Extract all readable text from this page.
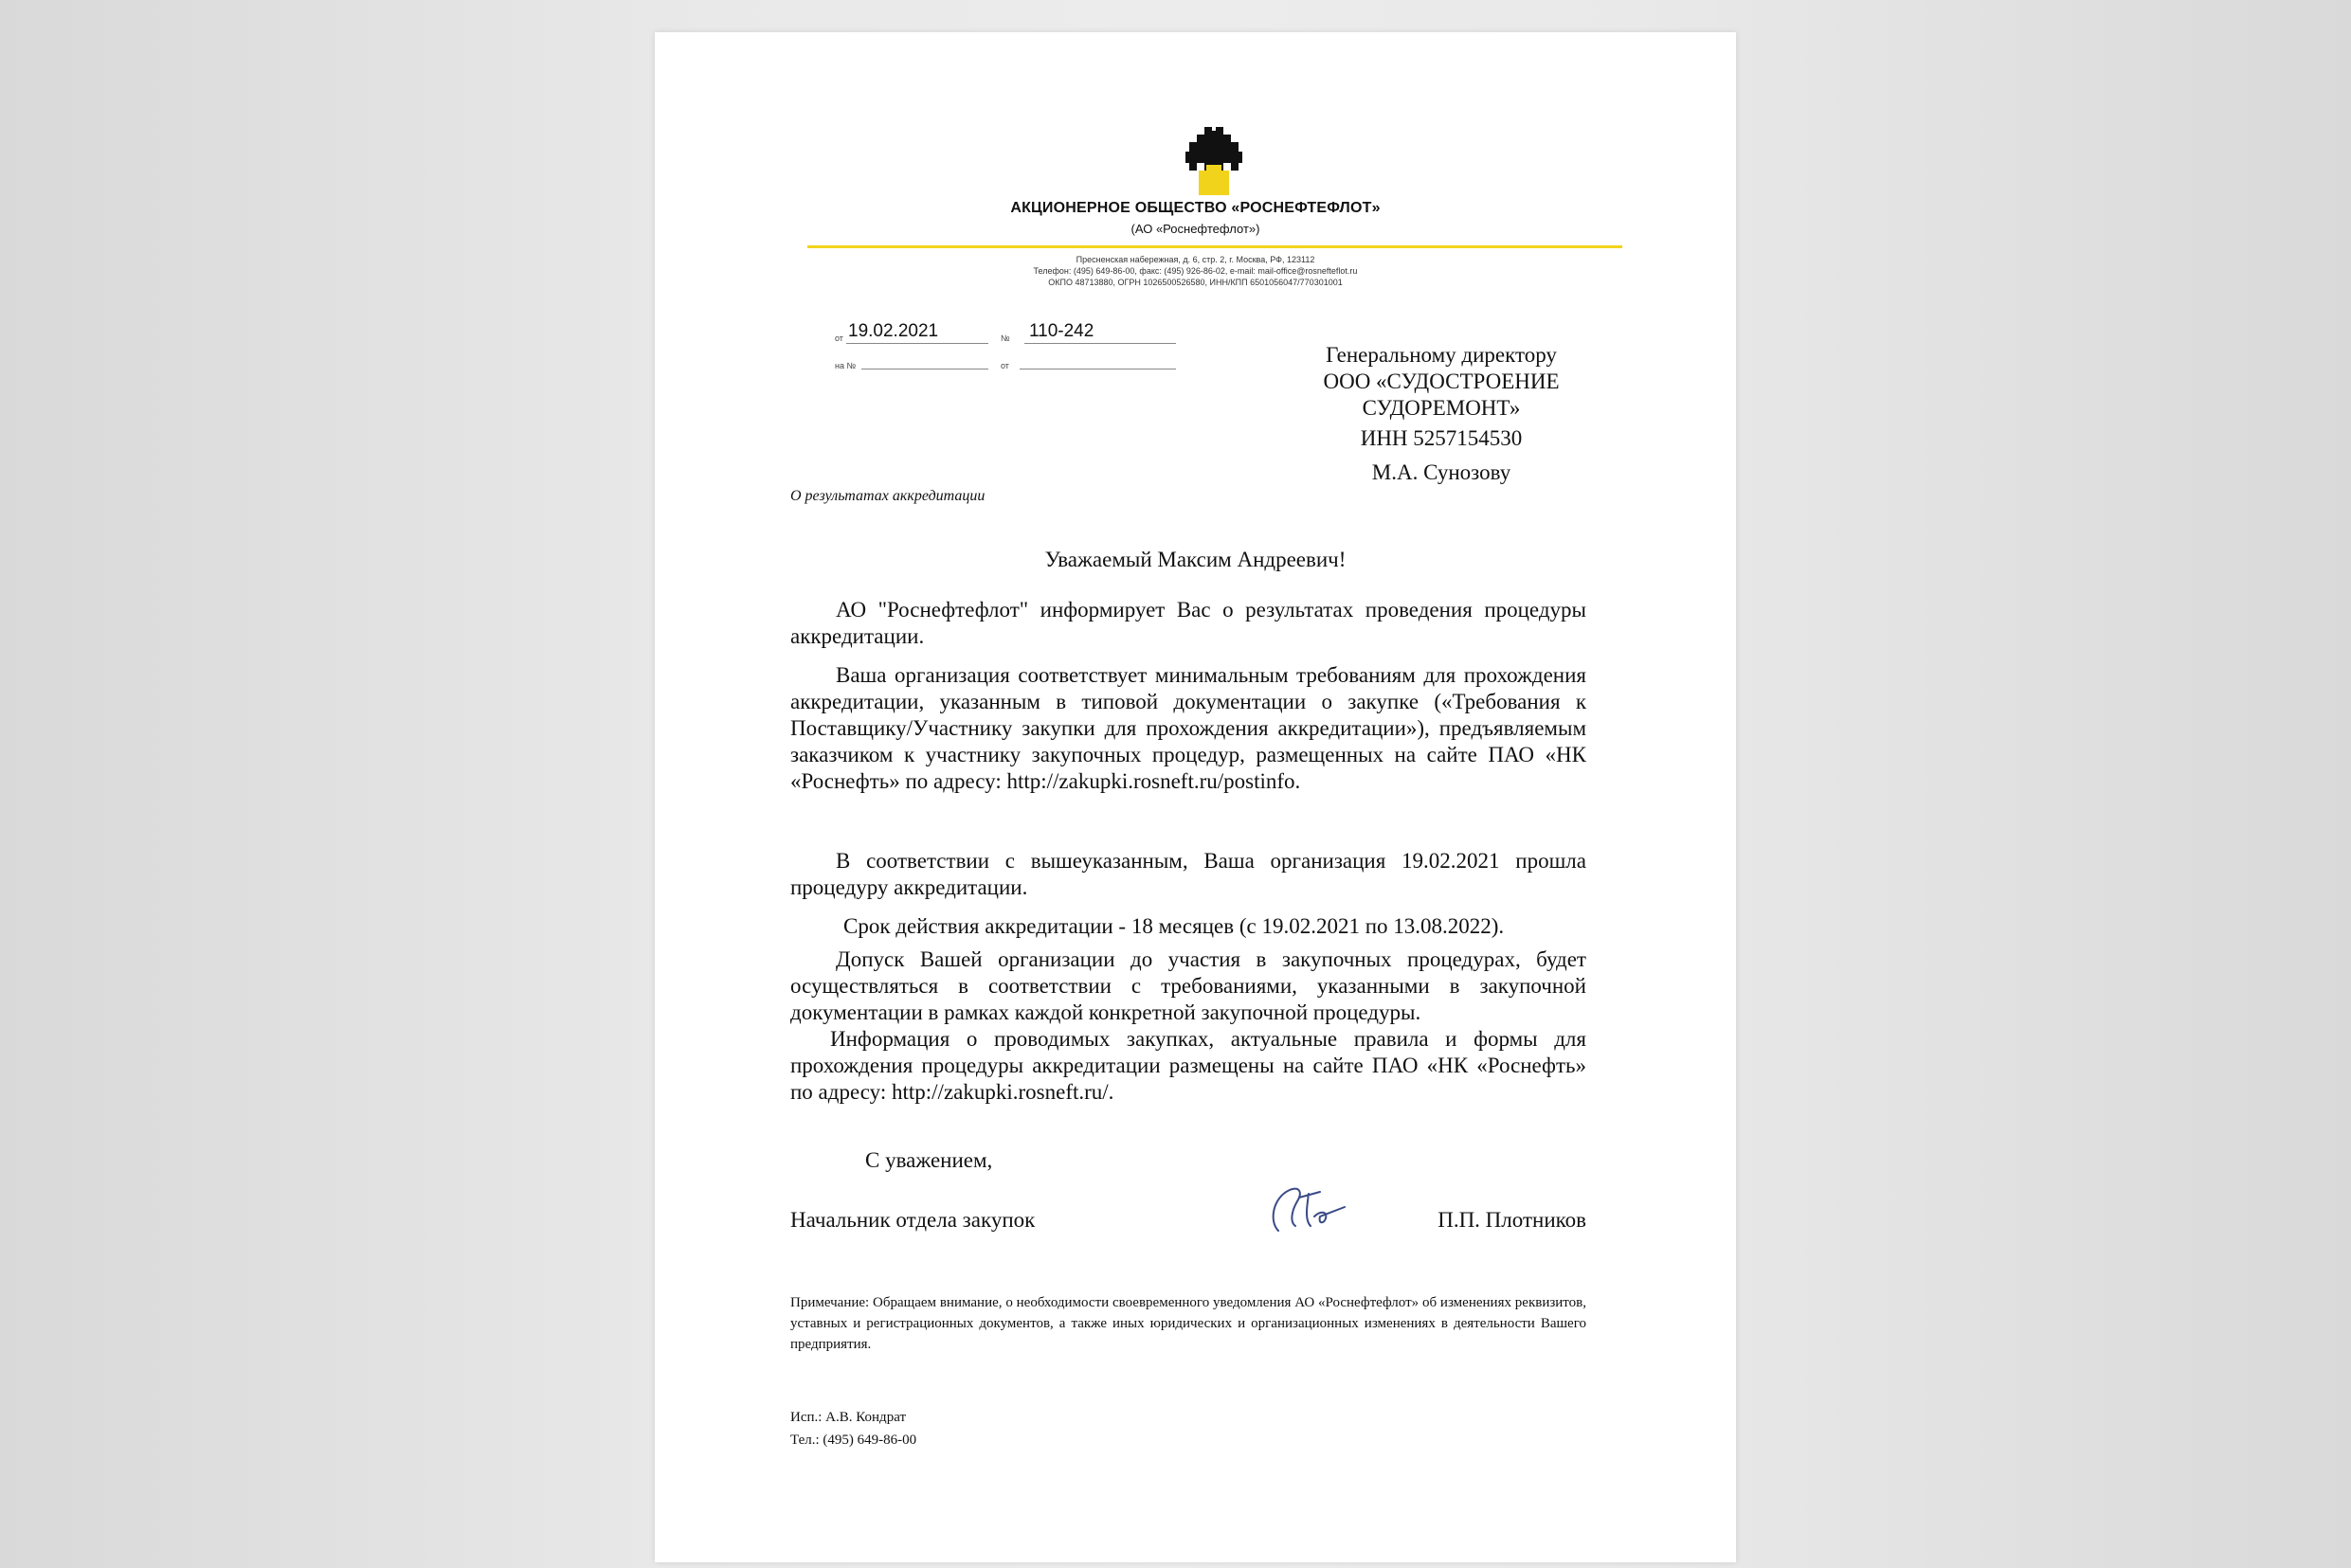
АКЦИОНЕРНОЕ ОБЩЕСТВО «РОСНЕФТЕФЛОТ»
(АО «Роснефтефлот»)
Пресненская набережная, д. 6, стр. 2, г. Москва, РФ, 123112
Телефон: (495) 649-86-00, факс: (495) 926-86-02, e-mail: mail-office@rosnefteflot.ru
ОКПО 48713880, ОГРН 1026500526580, ИНН/КПП 6501056047/770301001
от 19.02.2021	№ 110-242
на №	от	Генеральному директору
ООО «СУДОСТРОЕНИЕ
СУДОРЕМОНТ»
ИНН 5257154530
М.А. Сунозову
О результатах аккредитации
Уважаемый Максим Андреевич!

АО "Роснефтефлот" информирует Вас о результатах проведения процедуры аккредитации.

Ваша организация соответствует минимальным требованиям для прохождения аккредитации, указанным в типовой документации о закупке («Требования к Поставщику/Участнику закупки для прохождения аккредитации»), предъявляемым заказчиком к участнику закупочных процедур, размещенных на сайте ПАО «НК «Роснефть» по адресу: http://zakupki.rosneft.ru/postinfo.

В соответствии с вышеуказанным, Ваша организация 19.02.2021 прошла процедуру аккредитации.

Срок действия аккредитации - 18 месяцев (с 19.02.2021 по 13.08.2022).

Допуск Вашей организации до участия в закупочных процедурах, будет осуществляться в соответствии с требованиями, указанными в закупочной документации в рамках каждой конкретной закупочной процедуры.

Информация о проводимых закупках, актуальные правила и формы для прохождения процедуры аккредитации размещены на сайте ПАО «НК «Роснефть» по адресу: http://zakupki.rosneft.ru/.

С уважением,
Начальник отдела закупок	П.П. Плотников
Примечание: Обращаем внимание, о необходимости своевременного уведомления АО «Роснефтефлот» об изменениях реквизитов, уставных и регистрационных документов, а также иных юридических и организационных изменениях в деятельности Вашего предприятия.
Исп.: А.В. Кондрат
Тел.: (495) 649-86-00
